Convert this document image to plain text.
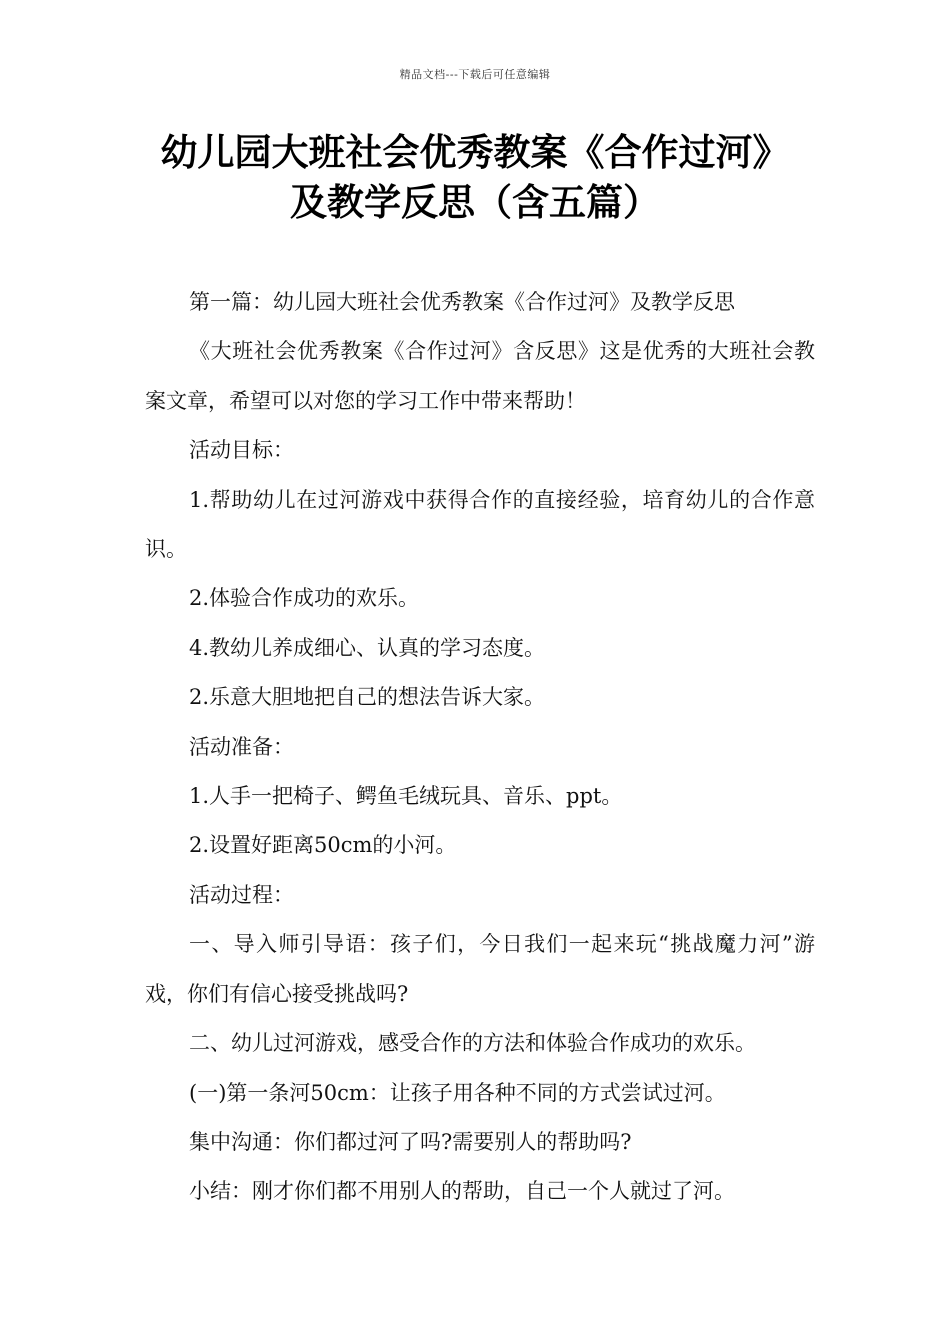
精品文档---下载后可任意编辑
幼儿园大班社会优秀教案《合作过河》
及教学反思（含五篇）

第一篇：幼儿园大班社会优秀教案《合作过河》及教学反思

《大班社会优秀教案《合作过河》含反思》这是优秀的大班社会教案文章，希望可以对您的学习工作中带来帮助！

活动目标：

1.帮助幼儿在过河游戏中获得合作的直接经验，培育幼儿的合作意识。

2.体验合作成功的欢乐。

4.教幼儿养成细心、认真的学习态度。

2.乐意大胆地把自己的想法告诉大家。

活动准备：

1.人手一把椅子、鳄鱼毛绒玩具、音乐、ppt。

2.设置好距离50cm的小河。

活动过程：

一、导入师引导语：孩子们，今日我们一起来玩“挑战魔力河”游戏，你们有信心接受挑战吗?

二、幼儿过河游戏，感受合作的方法和体验合作成功的欢乐。

(一)第一条河50cm：让孩子用各种不同的方式尝试过河。

集中沟通：你们都过河了吗?需要别人的帮助吗?

小结：刚才你们都不用别人的帮助，自己一个人就过了河。
